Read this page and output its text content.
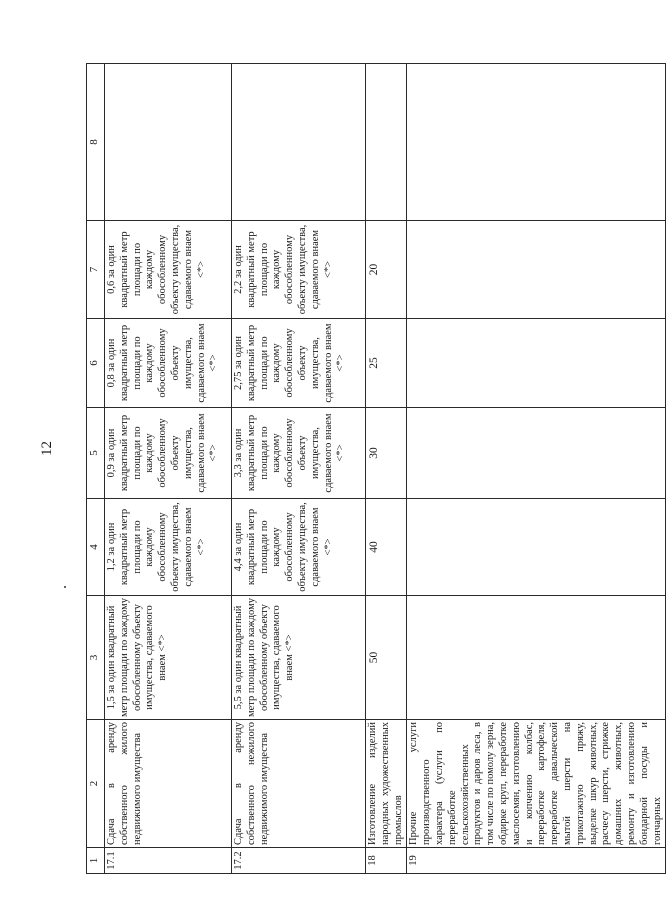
12
1	2	3	4	5	6	7	8
17.1	Сдача в аренду собственного жилого недвижимого имущества	1,5 за один квадратный метр площади по каждому обособленному объекту имущества, сдаваемого внаем <*>	1,2 за один квадратный метр площади по каждому обособленному объекту имущества, сдаваемого внаем <*>	0,9 за один квадратный метр площади по каждому обособленному объекту имущества, сдаваемого внаем <*>	0,8 за один квадратный метр площади по каждому обособленному объекту имущества, сдаваемого внаем <*>	0,6 за один квадратный метр площади по каждому обособленному объекту имущества, сдаваемого внаем <*>	
17.2	Сдача в аренду собственного нежилого недвижимого имущества	5,5 за один квадратный метр площади по каждому обособленному объекту имущества, сдаваемого внаем <*>	4,4 за один квадратный метр площади по каждому обособленному объекту имущества, сдаваемого внаем <*>	3,3 за один квадратный метр площади по каждому обособленному объекту имущества, сдаваемого внаем <*>	2,75 за один квадратный метр площади по каждому обособленному объекту имущества, сдаваемого внаем <*>	2,2 за один квадратный метр площади по каждому обособленному объекту имущества, сдаваемого внаем <*>	
18	Изготовление изделий народных художественных промыслов	50	40	30	25	20	
19	Прочие услуги производственного характера (услуги по переработке сельскохозяйственных продуктов и даров леса, в том числе по помолу зерна, обдирке круп, переработке маслосемян, изготовлению и копчению колбас, переработке картофеля, переработке давальческой мытой шерсти на трикотажную пряжу, выделке шкур животных, расчесу шерсти, стрижке домашних животных, ремонту и изготовлению бондарной посуды и гончарных						
